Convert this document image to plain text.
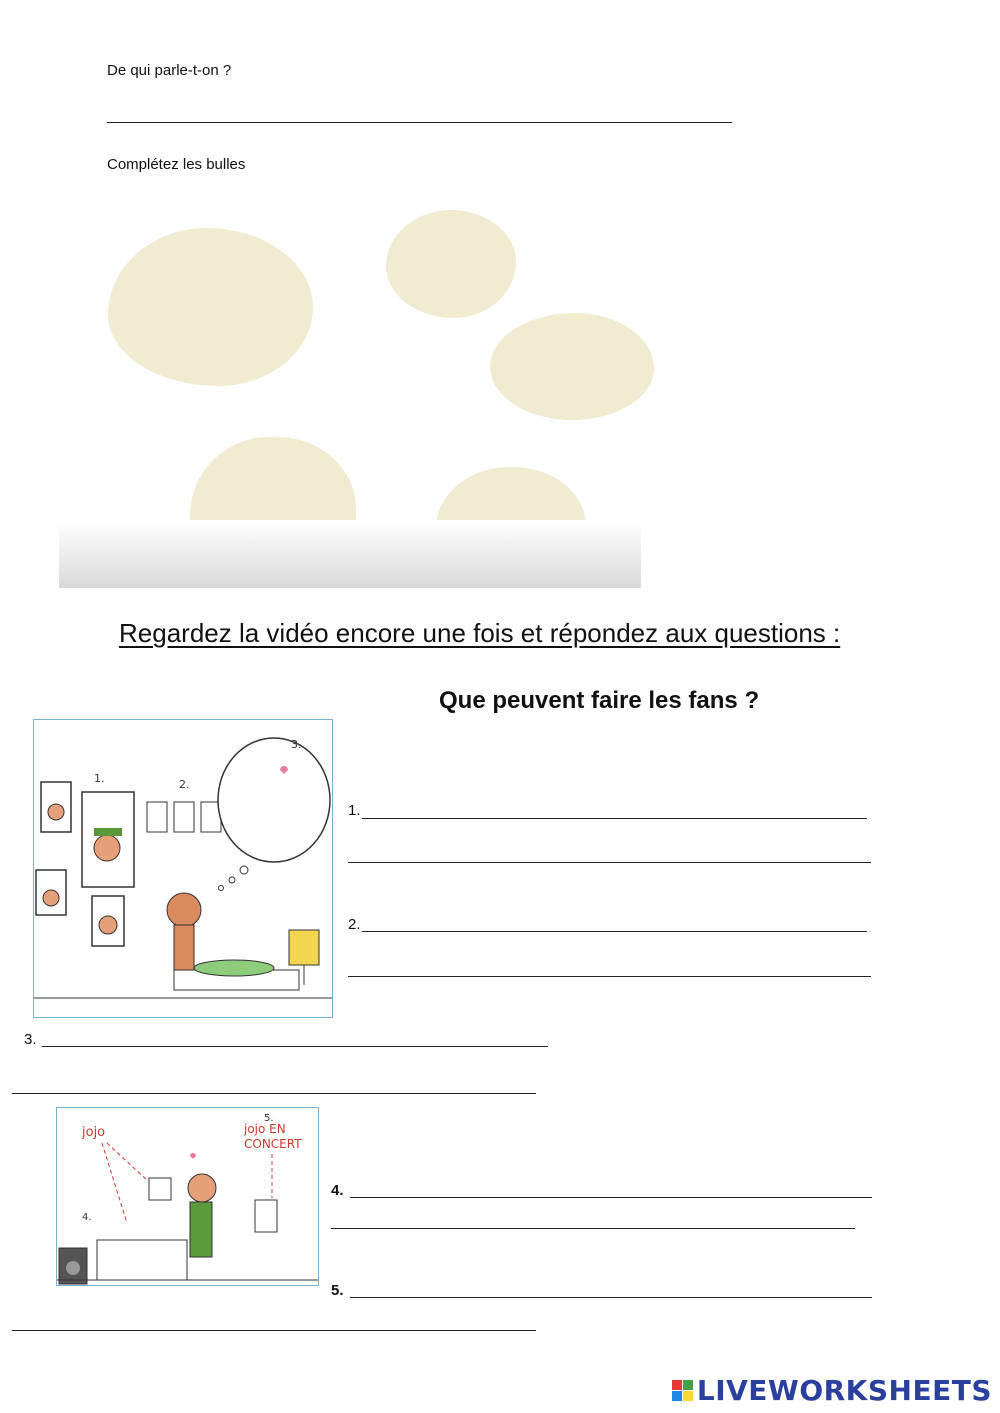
De qui parle-t-on ?
Complétez les bulles
Regardez la vidéo encore une fois et répondez aux questions :
Que peuvent faire les fans ?
1.	2.
3.
1.
2.
3.
jojo	jojo EN
CONCERT
5.
4.
4.
5.
LIVEWORKSHEETS
